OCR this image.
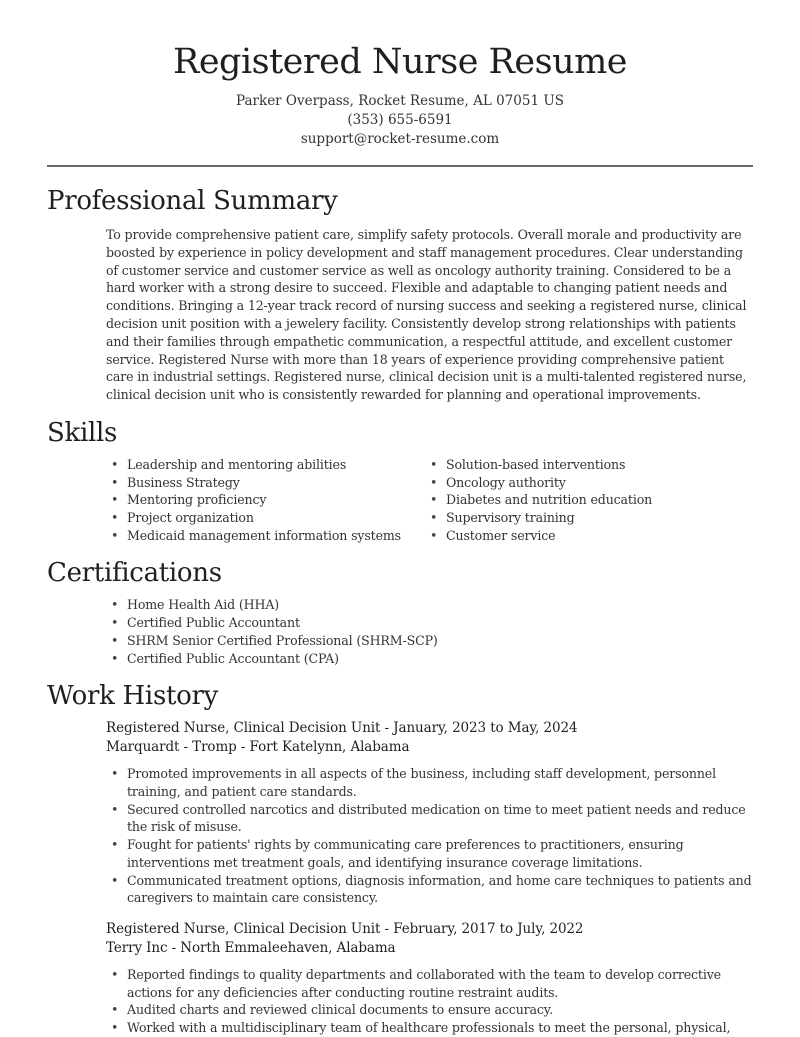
Registered Nurse Resume
Parker Overpass, Rocket Resume, AL 07051 US
(353) 655-6591
support@rocket-resume.com
Professional Summary

To provide comprehensive patient care, simplify safety protocols. Overall morale and productivity are boosted by experience in policy development and staff management procedures. Clear understanding of customer service and customer service as well as oncology authority training. Considered to be a hard worker with a strong desire to succeed. Flexible and adaptable to changing patient needs and conditions. Bringing a 12-year track record of nursing success and seeking a registered nurse, clinical decision unit position with a jewelery facility. Consistently develop strong relationships with patients and their families through empathetic communication, a respectful attitude, and excellent customer service. Registered Nurse with more than 18 years of experience providing comprehensive patient care in industrial settings. Registered nurse, clinical decision unit is a multi-talented registered nurse, clinical decision unit who is consistently rewarded for planning and operational improvements.

Skills
• Leadership and mentoring abilities
• Business Strategy
• Mentoring proficiency
• Project organization
• Medicaid management information systems
• Solution-based interventions
• Oncology authority
• Diabetes and nutrition education
• Supervisory training
• Customer service
Certifications
• Home Health Aid (HHA)
• Certified Public Accountant
• SHRM Senior Certified Professional (SHRM-SCP)
• Certified Public Accountant (CPA)
Work History
Registered Nurse, Clinical Decision Unit - January, 2023 to May, 2024
Marquardt - Tromp - Fort Katelynn, Alabama
• Promoted improvements in all aspects of the business, including staff development, personnel training, and patient care standards.
• Secured controlled narcotics and distributed medication on time to meet patient needs and reduce the risk of misuse.
• Fought for patients' rights by communicating care preferences to practitioners, ensuring interventions met treatment goals, and identifying insurance coverage limitations.
• Communicated treatment options, diagnosis information, and home care techniques to patients and caregivers to maintain care consistency.
Registered Nurse, Clinical Decision Unit - February, 2017 to July, 2022
Terry Inc - North Emmaleehaven, Alabama
• Reported findings to quality departments and collaborated with the team to develop corrective actions for any deficiencies after conducting routine restraint audits.
• Audited charts and reviewed clinical documents to ensure accuracy.
• Worked with a multidisciplinary team of healthcare professionals to meet the personal, physical,
